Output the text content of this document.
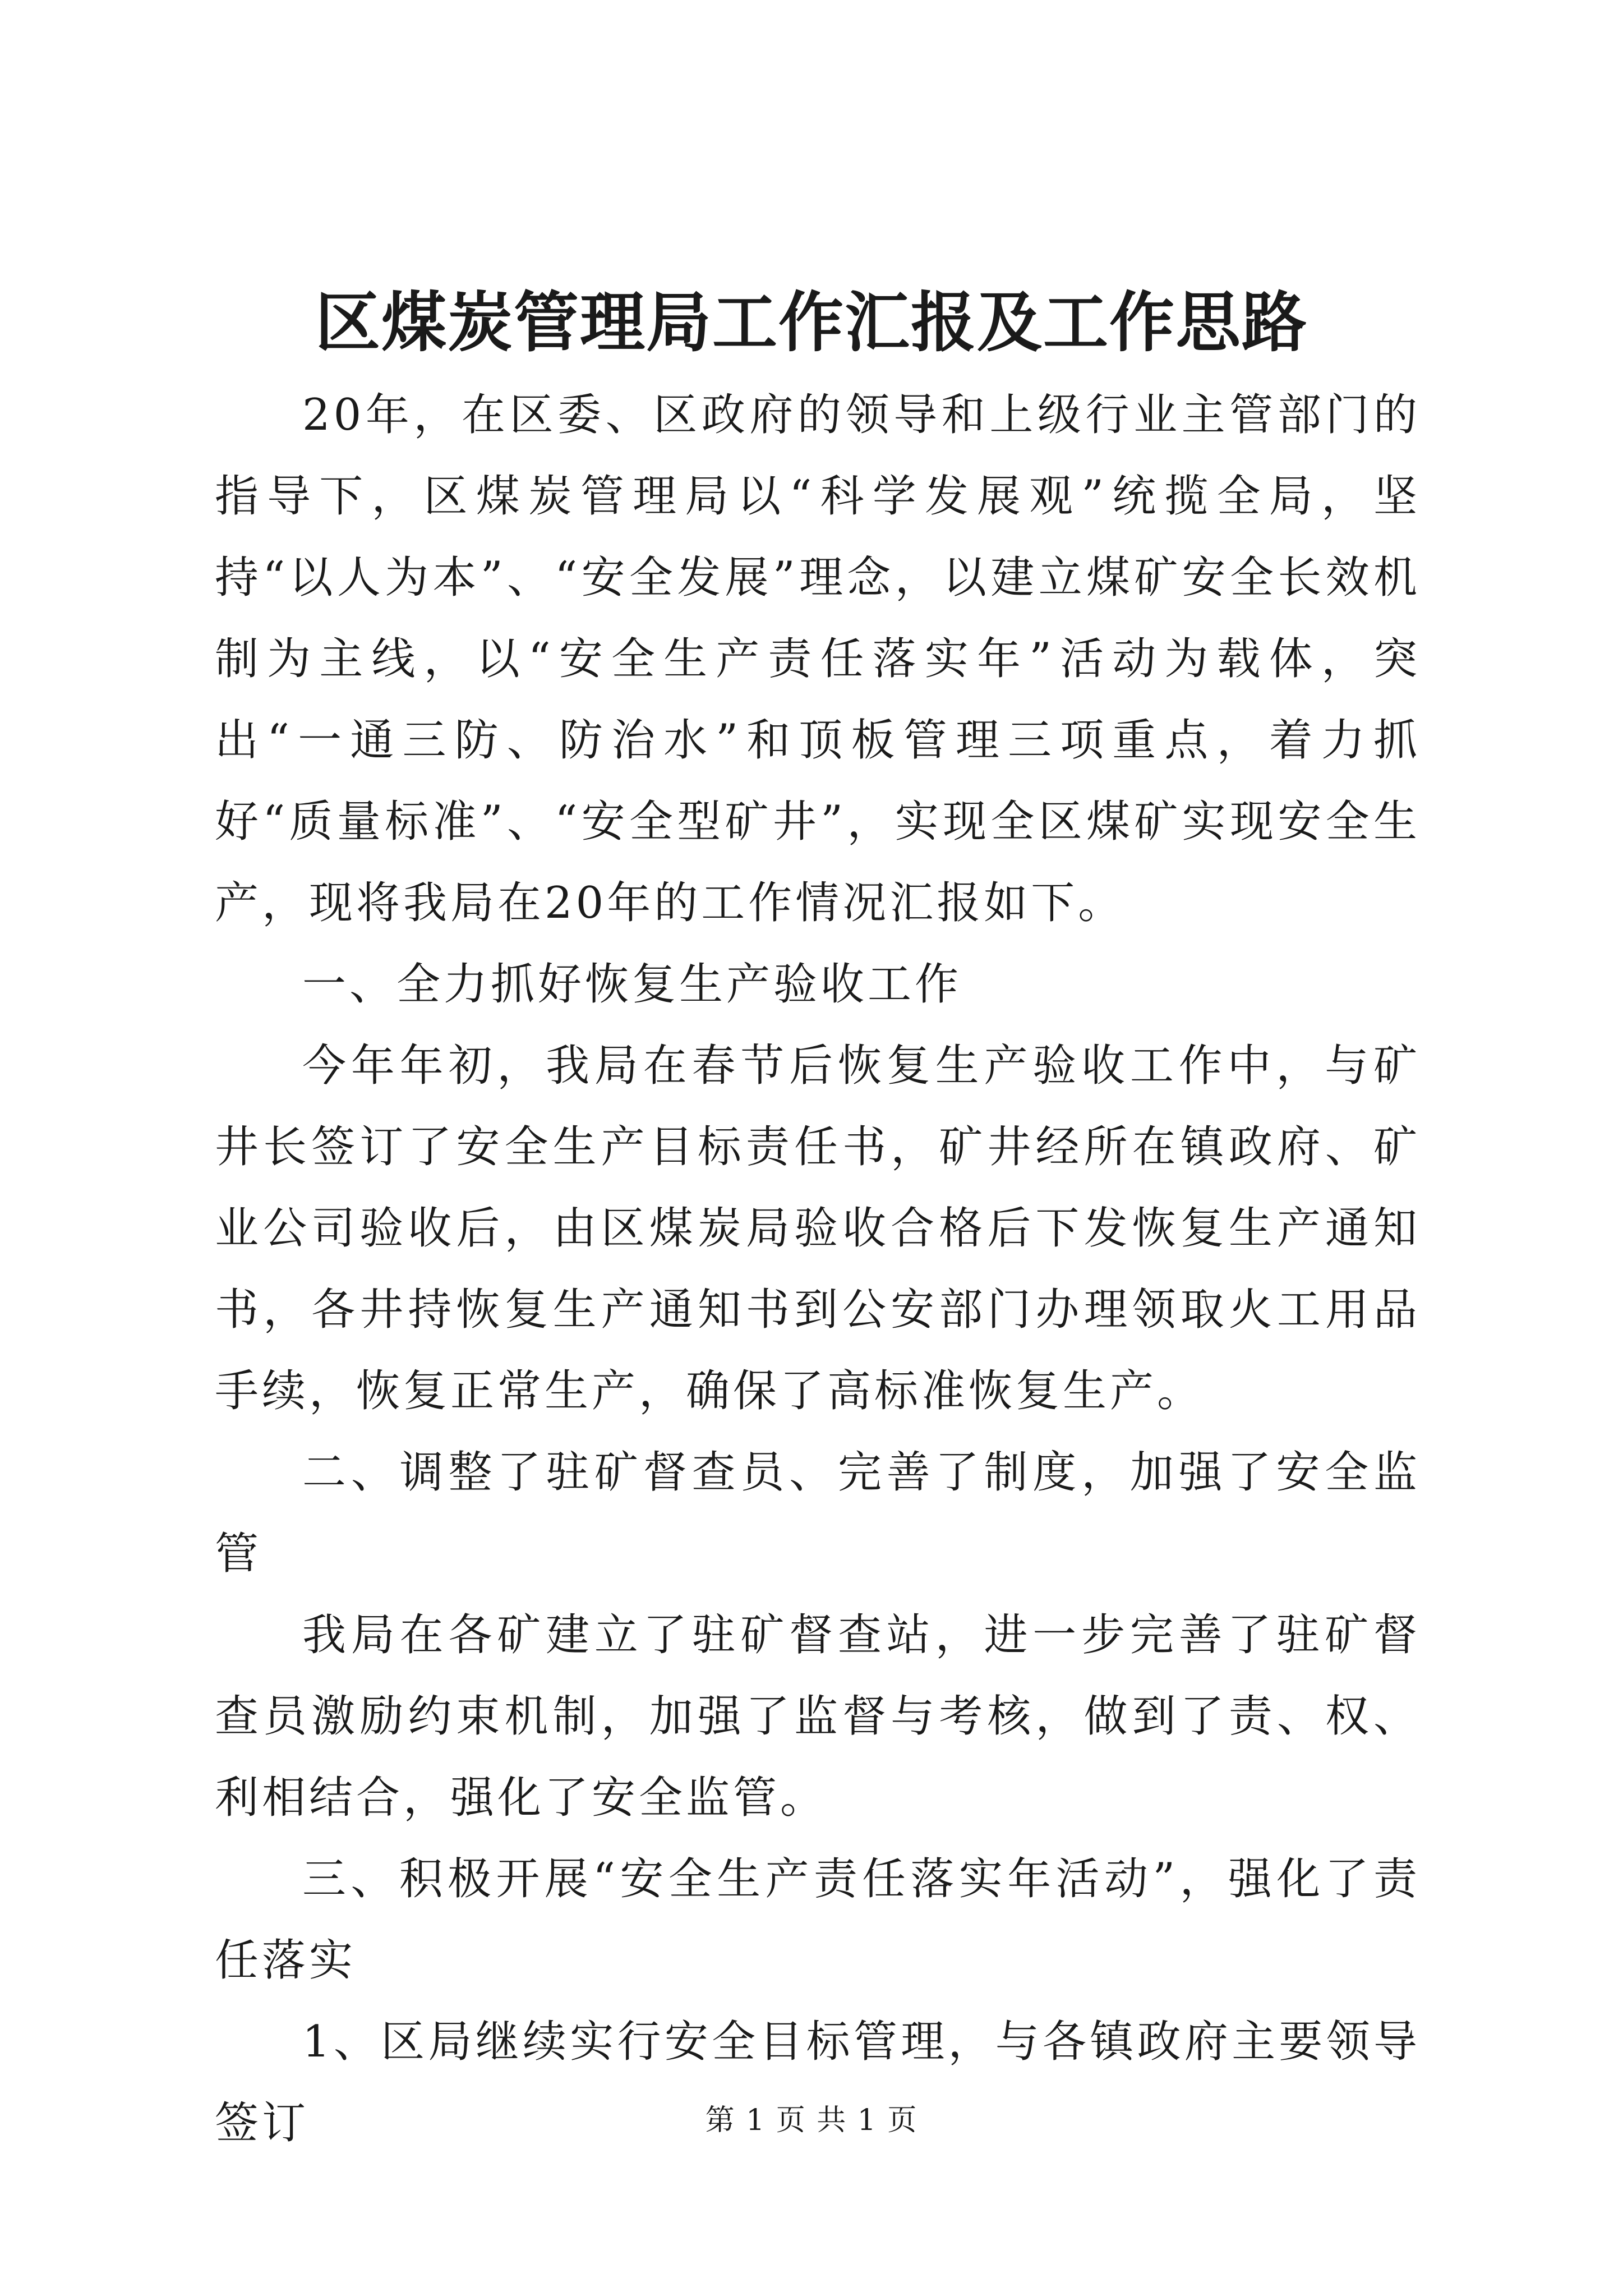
区煤炭管理局工作汇报及工作思路

20年，在区委、区政府的领导和上级行业主管部门的指导下，区煤炭管理局以“科学发展观”统揽全局，坚持“以人为本”、“安全发展”理念，以建立煤矿安全长效机制为主线，以“安全生产责任落实年”活动为载体，突出“一通三防、防治水”和顶板管理三项重点，着力抓好“质量标准”、“安全型矿井”，实现全区煤矿实现安全生产，现将我局在20年的工作情况汇报如下。

一、全力抓好恢复生产验收工作

今年年初，我局在春节后恢复生产验收工作中，与矿井长签订了安全生产目标责任书，矿井经所在镇政府、矿业公司验收后，由区煤炭局验收合格后下发恢复生产通知书，各井持恢复生产通知书到公安部门办理领取火工用品手续，恢复正常生产，确保了高标准恢复生产。

二、调整了驻矿督查员、完善了制度，加强了安全监管

我局在各矿建立了驻矿督查站，进一步完善了驻矿督查员激励约束机制，加强了监督与考核，做到了责、权、利相结合，强化了安全监管。

三、积极开展“安全生产责任落实年活动”，强化了责任落实

1、区局继续实行安全目标管理，与各镇政府主要领导签订	第 1 页 共 1 页
